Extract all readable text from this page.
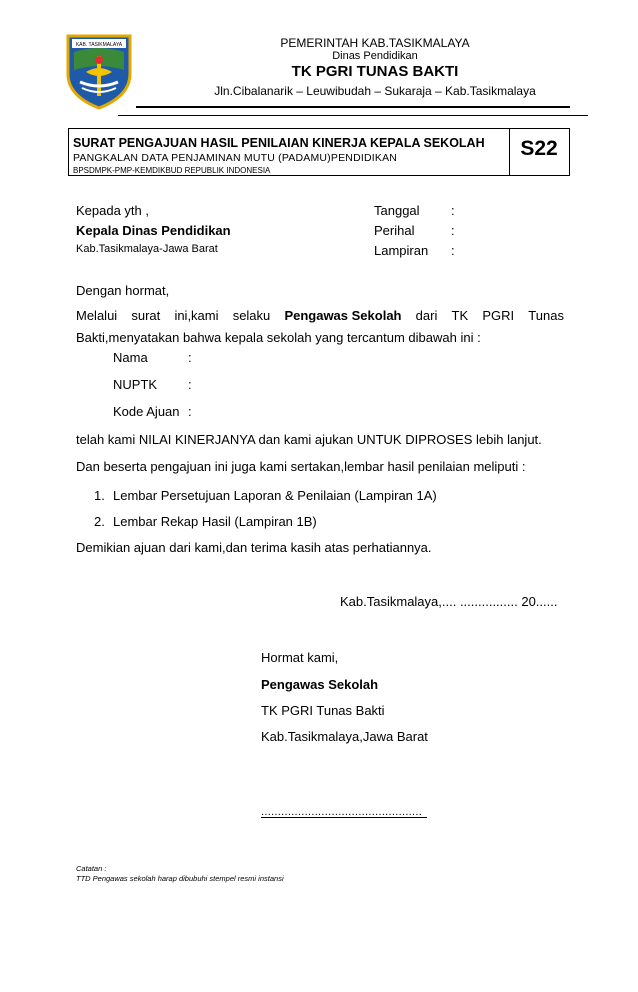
KAB. TASIKMALAYA	PEMERINTAH KAB.TASIKMALAYA
Dinas Pendidikan
TK PGRI TUNAS BAKTI
Jln.Cibalanarik – Leuwibudah – Sukaraja – Kab.Tasikmalaya
SURAT PENGAJUAN HASIL PENILAIAN KINERJA KEPALA SEKOLAH
PANGKALAN DATA PENJAMINAN MUTU (PADAMU)PENDIDIKAN
BPSDMPK-PMP-KEMDIKBUD REPUBLIK INDONESIA
S22
Kepada yth ,
Kepala Dinas Pendidikan
Kab.Tasikmalaya-Jawa Barat
Tanggal :
Perihal	:
Lampiran :
Dengan hormat,
Melalui surat ini,kami selaku Pengawas Sekolah dari TK PGRI Tunas
Bakti,menyatakan bahwa kepala sekolah yang tercantum dibawah ini :
Nama	:
NUPTK :
Kode Ajuan :
telah kami NILAI KINERJANYA dan kami ajukan UNTUK DIPROSES lebih lanjut.
Dan beserta pengajuan ini juga kami sertakan,lembar hasil penilaian meliputi :
1. Lembar Persetujuan Laporan & Penilaian (Lampiran 1A)
2. Lembar Rekap Hasil (Lampiran 1B)
Demikian ajuan dari kami,dan terima kasih atas perhatiannya.
Kab.Tasikmalaya,.... ................ 20......
Hormat kami,
Pengawas Sekolah
TK PGRI Tunas Bakti
Kab.Tasikmalaya,Jawa Barat
................................................
Catatan :
TTD Pengawas sekolah harap dibubuhi stempel resmi instansi
